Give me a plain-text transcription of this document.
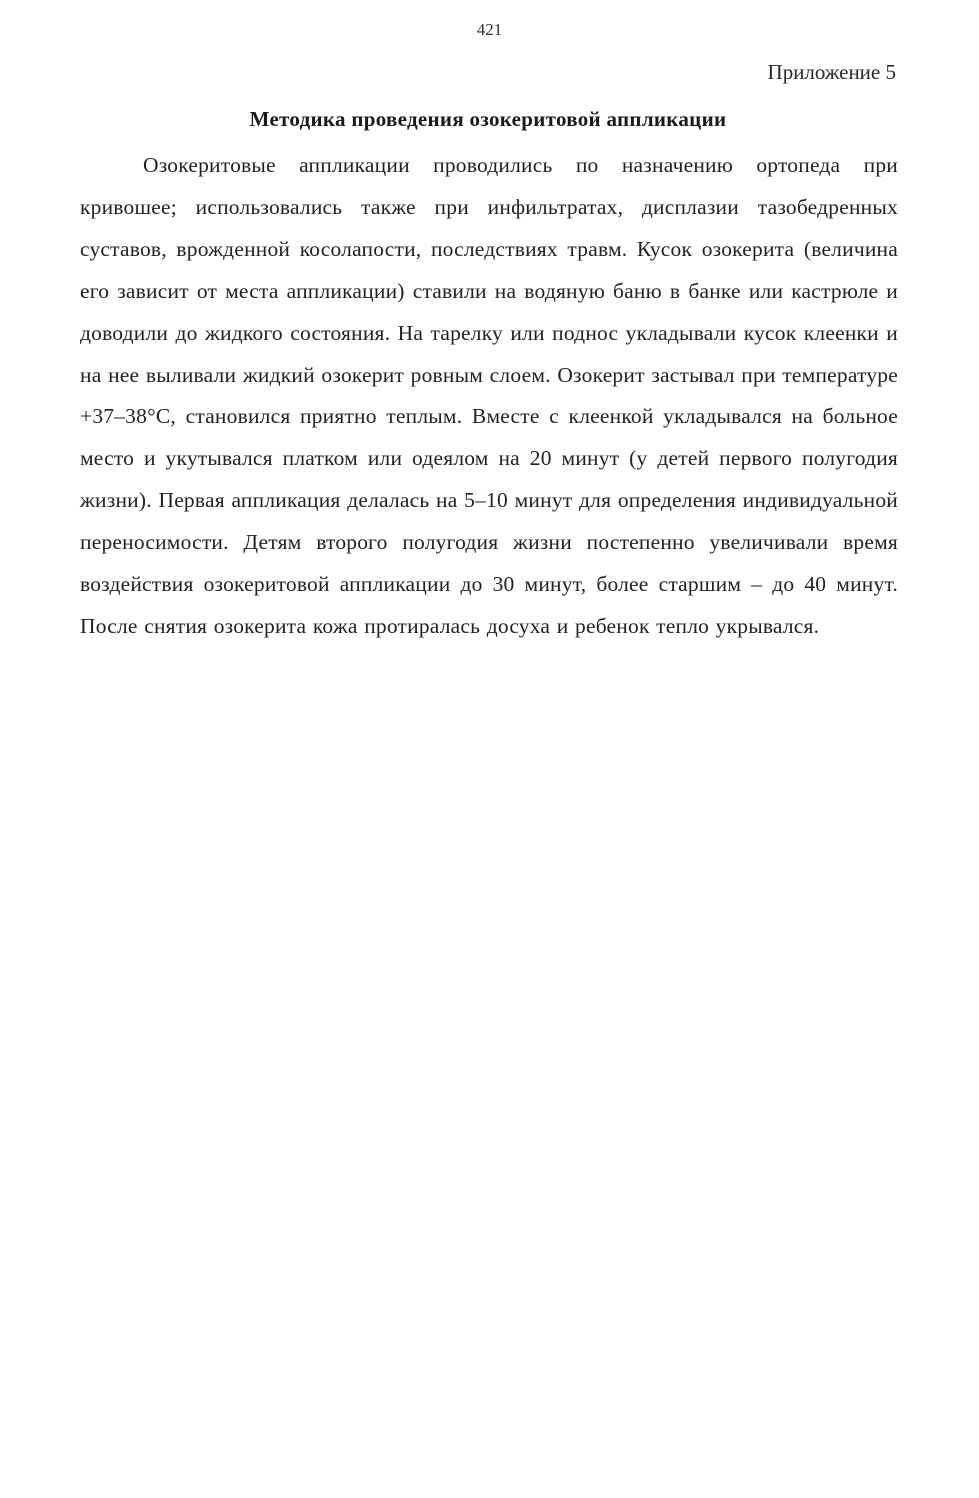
421
Приложение 5
Методика проведения озокеритовой аппликации

Озокеритовые аппликации проводились по назначению ортопеда при кривошее; использовались также при инфильтратах, дисплазии тазобедренных суставов, врожденной косолапости, последствиях травм. Кусок озокерита (величина его зависит от места аппликации) ставили на водяную баню в банке или кастрюле и доводили до жидкого состояния. На тарелку или поднос укладывали кусок клеенки и на нее выливали жидкий озокерит ровным слоем. Озокерит застывал при температуре +37–38°С, становился приятно теплым. Вместе с клеенкой укладывался на больное место и укутывался платком или одеялом на 20 минут (у детей первого полугодия жизни). Первая аппликация делалась на 5–10 минут для определения индивидуальной переносимости. Детям второго полугодия жизни постепенно увеличивали время воздействия озокеритовой аппликации до 30 минут, более старшим – до 40 минут. После снятия озокерита кожа протиралась досуха и ребенок тепло укрывался.
